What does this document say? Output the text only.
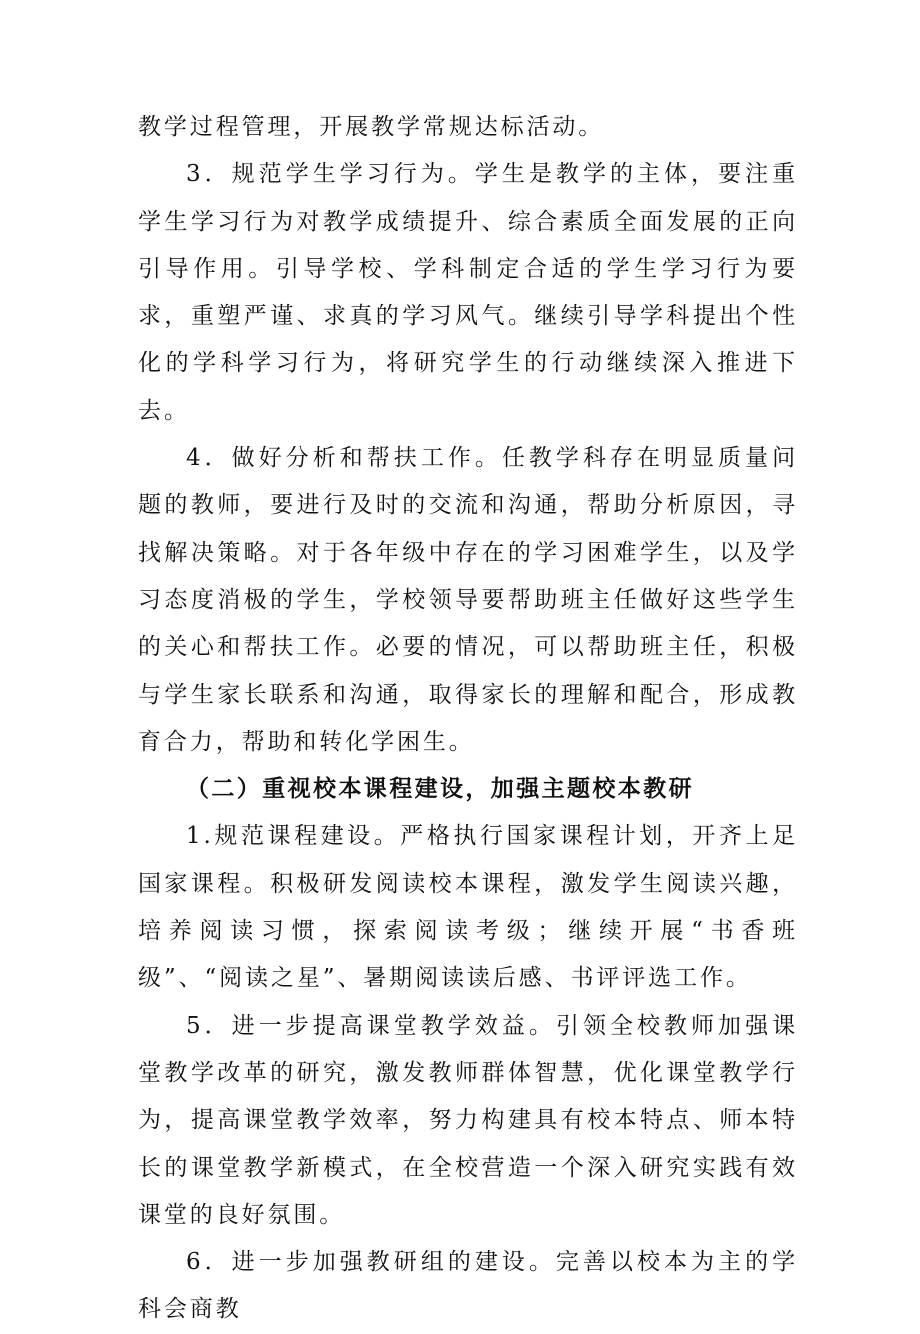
教学过程管理，开展教学常规达标活动。

3．规范学生学习行为。学生是教学的主体，要注重学生学习行为对教学成绩提升、综合素质全面发展的正向引导作用。引导学校、学科制定合适的学生学习行为要求，重塑严谨、求真的学习风气。继续引导学科提出个性化的学科学习行为，将研究学生的行动继续深入推进下去。

4．做好分析和帮扶工作。任教学科存在明显质量问题的教师，要进行及时的交流和沟通，帮助分析原因，寻找解决策略。对于各年级中存在的学习困难学生，以及学习态度消极的学生，学校领导要帮助班主任做好这些学生的关心和帮扶工作。必要的情况，可以帮助班主任，积极与学生家长联系和沟通，取得家长的理解和配合，形成教育合力，帮助和转化学困生。

（二）重视校本课程建设，加强主题校本教研

1.规范课程建设。严格执行国家课程计划，开齐上足国家课程。积极研发阅读校本课程，激发学生阅读兴趣，培养阅读习惯，探索阅读考级；继续开展“书香班级”、“阅读之星”、暑期阅读读后感、书评评选工作。

5．进一步提高课堂教学效益。引领全校教师加强课堂教学改革的研究，激发教师群体智慧，优化课堂教学行为，提高课堂教学效率，努力构建具有校本特点、师本特长的课堂教学新模式，在全校营造一个深入研究实践有效课堂的良好氛围。

6．进一步加强教研组的建设。完善以校本为主的学科会商教
